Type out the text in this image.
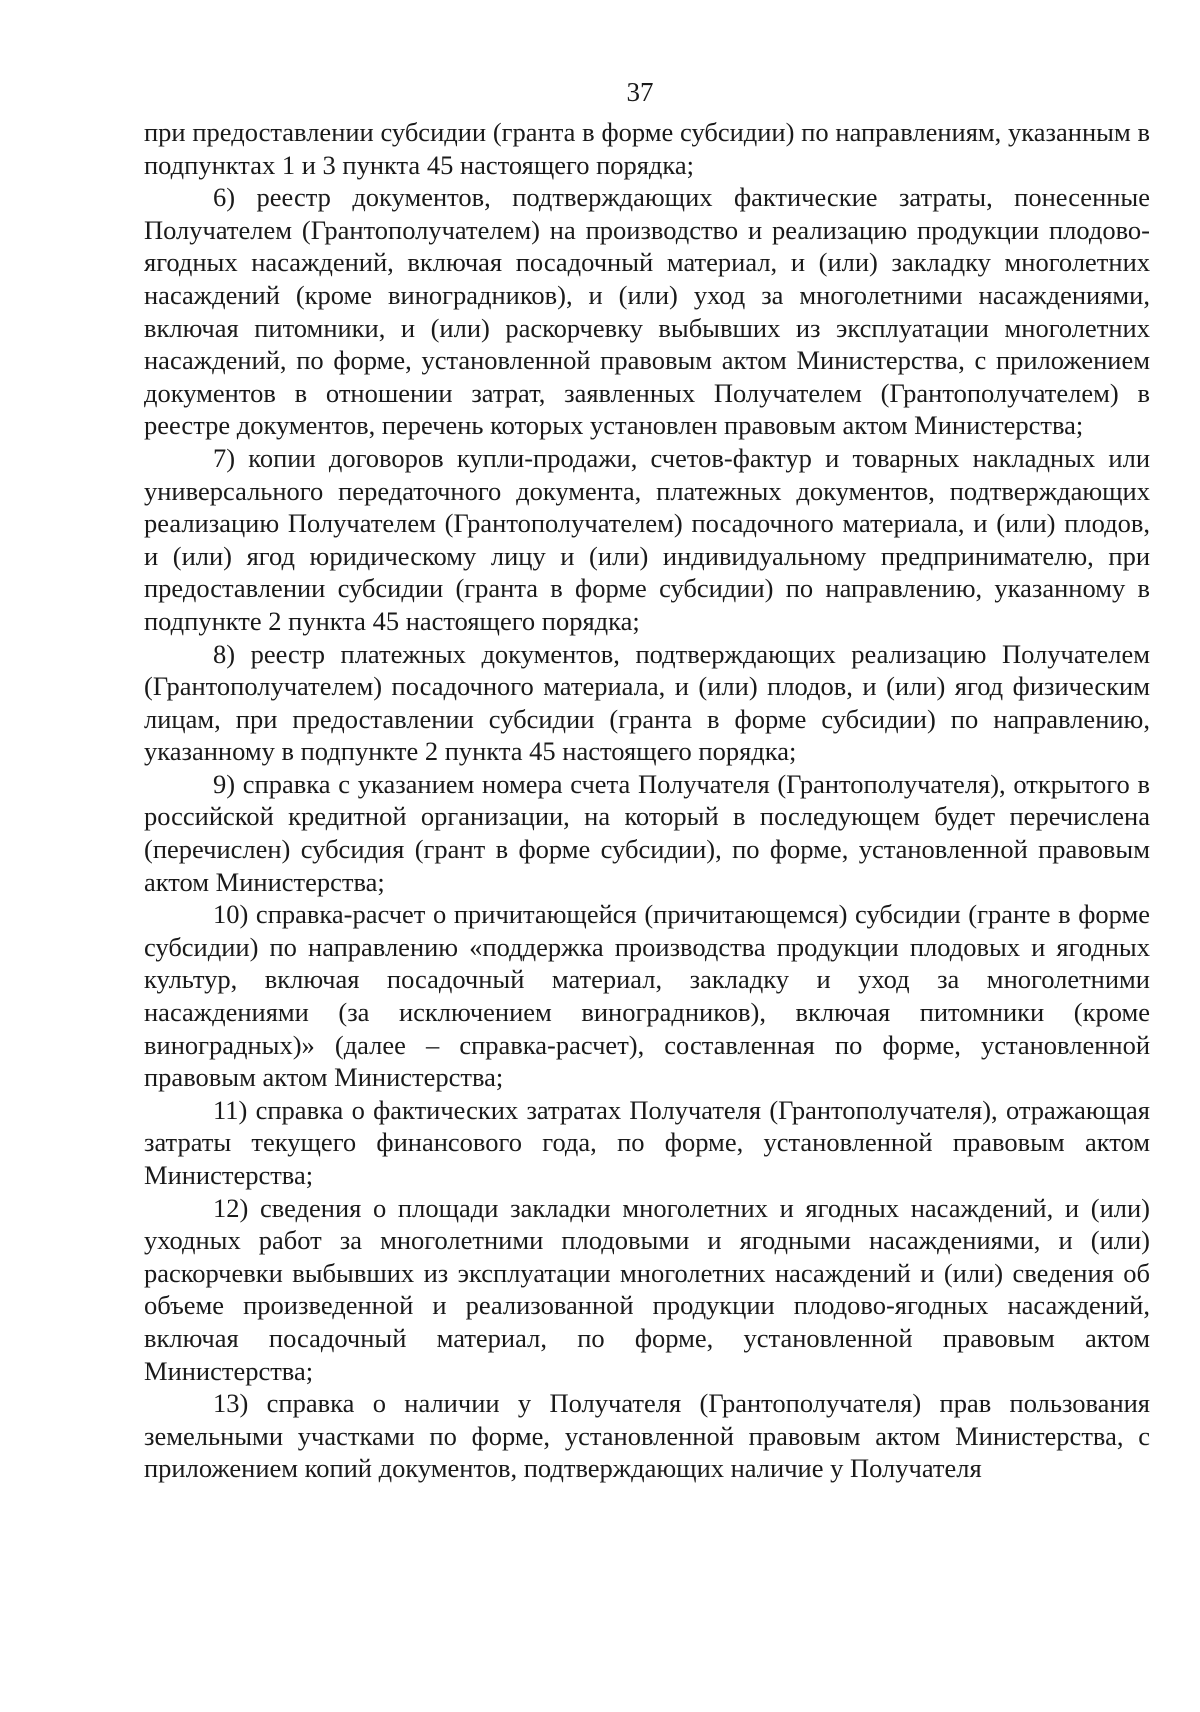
37

при предоставлении субсидии (гранта в форме субсидии) по направлениям, указанным в подпунктах 1 и 3 пункта 45 настоящего порядка;

6) реестр документов, подтверждающих фактические затраты, понесенные Получателем (Грантополучателем) на производство и реализацию продукции плодово-ягодных насаждений, включая посадочный материал, и (или) закладку многолетних насаждений (кроме виноградников), и (или) уход за многолетними насаждениями, включая питомники, и (или) раскорчевку выбывших из эксплуатации многолетних насаждений, по форме, установленной правовым актом Министерства, с приложением документов в отношении затрат, заявленных Получателем (Грантополучателем) в реестре документов, перечень которых установлен правовым актом Министерства;

7) копии договоров купли-продажи, счетов-фактур и товарных накладных или универсального передаточного документа, платежных документов, подтверждающих реализацию Получателем (Грантополучателем) посадочного материала, и (или) плодов, и (или) ягод юридическому лицу и (или) индивидуальному предпринимателю, при предоставлении субсидии (гранта в форме субсидии) по направлению, указанному в подпункте 2 пункта 45 настоящего порядка;

8) реестр платежных документов, подтверждающих реализацию Получателем (Грантополучателем) посадочного материала, и (или) плодов, и (или) ягод физическим лицам, при предоставлении субсидии (гранта в форме субсидии) по направлению, указанному в подпункте 2 пункта 45 настоящего порядка;

9) справка с указанием номера счета Получателя (Грантополучателя), открытого в российской кредитной организации, на который в последующем будет перечислена (перечислен) субсидия (грант в форме субсидии), по форме, установленной правовым актом Министерства;

10) справка-расчет о причитающейся (причитающемся) субсидии (гранте в форме субсидии) по направлению «поддержка производства продукции плодовых и ягодных культур, включая посадочный материал, закладку и уход за многолетними насаждениями (за исключением виноградников), включая питомники (кроме виноградных)» (далее – справка-расчет), составленная по форме, установленной правовым актом Министерства;

11) справка о фактических затратах Получателя (Грантополучателя), отражающая затраты текущего финансового года, по форме, установленной правовым актом Министерства;

12) сведения о площади закладки многолетних и ягодных насаждений, и (или) уходных работ за многолетними плодовыми и ягодными насаждениями, и (или) раскорчевки выбывших из эксплуатации многолетних насаждений и (или) сведения об объеме произведенной и реализованной продукции плодово-ягодных насаждений, включая посадочный материал, по форме, установленной правовым актом Министерства;

13) справка о наличии у Получателя (Грантополучателя) прав пользования земельными участками по форме, установленной правовым актом Министерства, с приложением копий документов, подтверждающих наличие у Получателя
